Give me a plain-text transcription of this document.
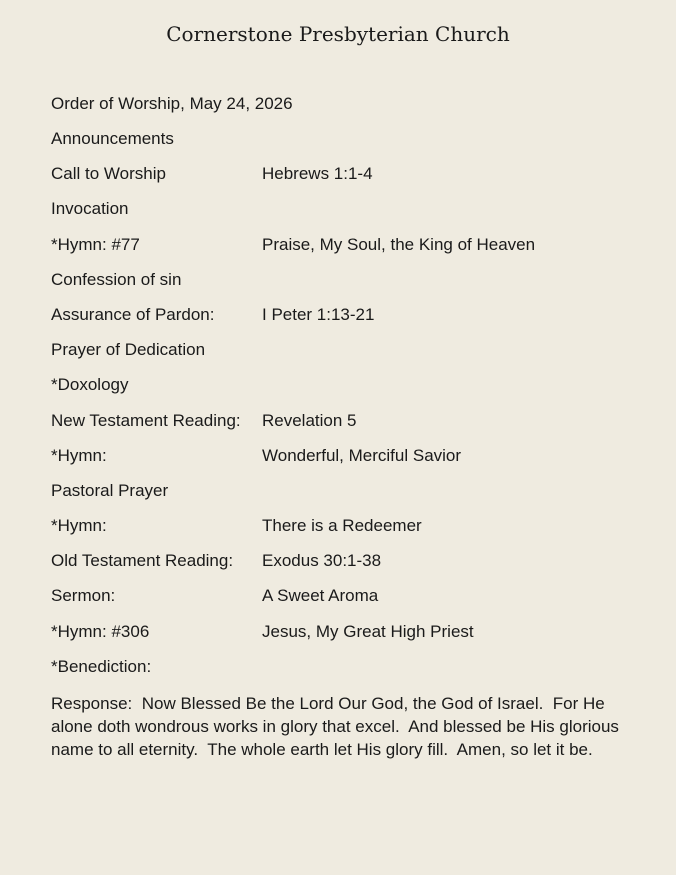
Cornerstone Presbyterian Church
Order of Worship, May 24, 2026
Announcements
Call to Worship	Hebrews 1:1-4
Invocation
*Hymn: #77	Praise, My Soul, the King of Heaven
Confession of sin
Assurance of Pardon:	I Peter 1:13-21
Prayer of Dedication
*Doxology
New Testament Reading:	Revelation 5
*Hymn:	Wonderful, Merciful Savior
Pastoral Prayer
*Hymn:	There is a Redeemer
Old Testament Reading:	Exodus 30:1-38
Sermon:	A Sweet Aroma
*Hymn: #306	Jesus, My Great High Priest
*Benediction:
Response:  Now Blessed Be the Lord Our God, the God of Israel.  For He alone doth wondrous works in glory that excel.  And blessed be His glorious name to all eternity.  The whole earth let His glory fill.  Amen, so let it be.
